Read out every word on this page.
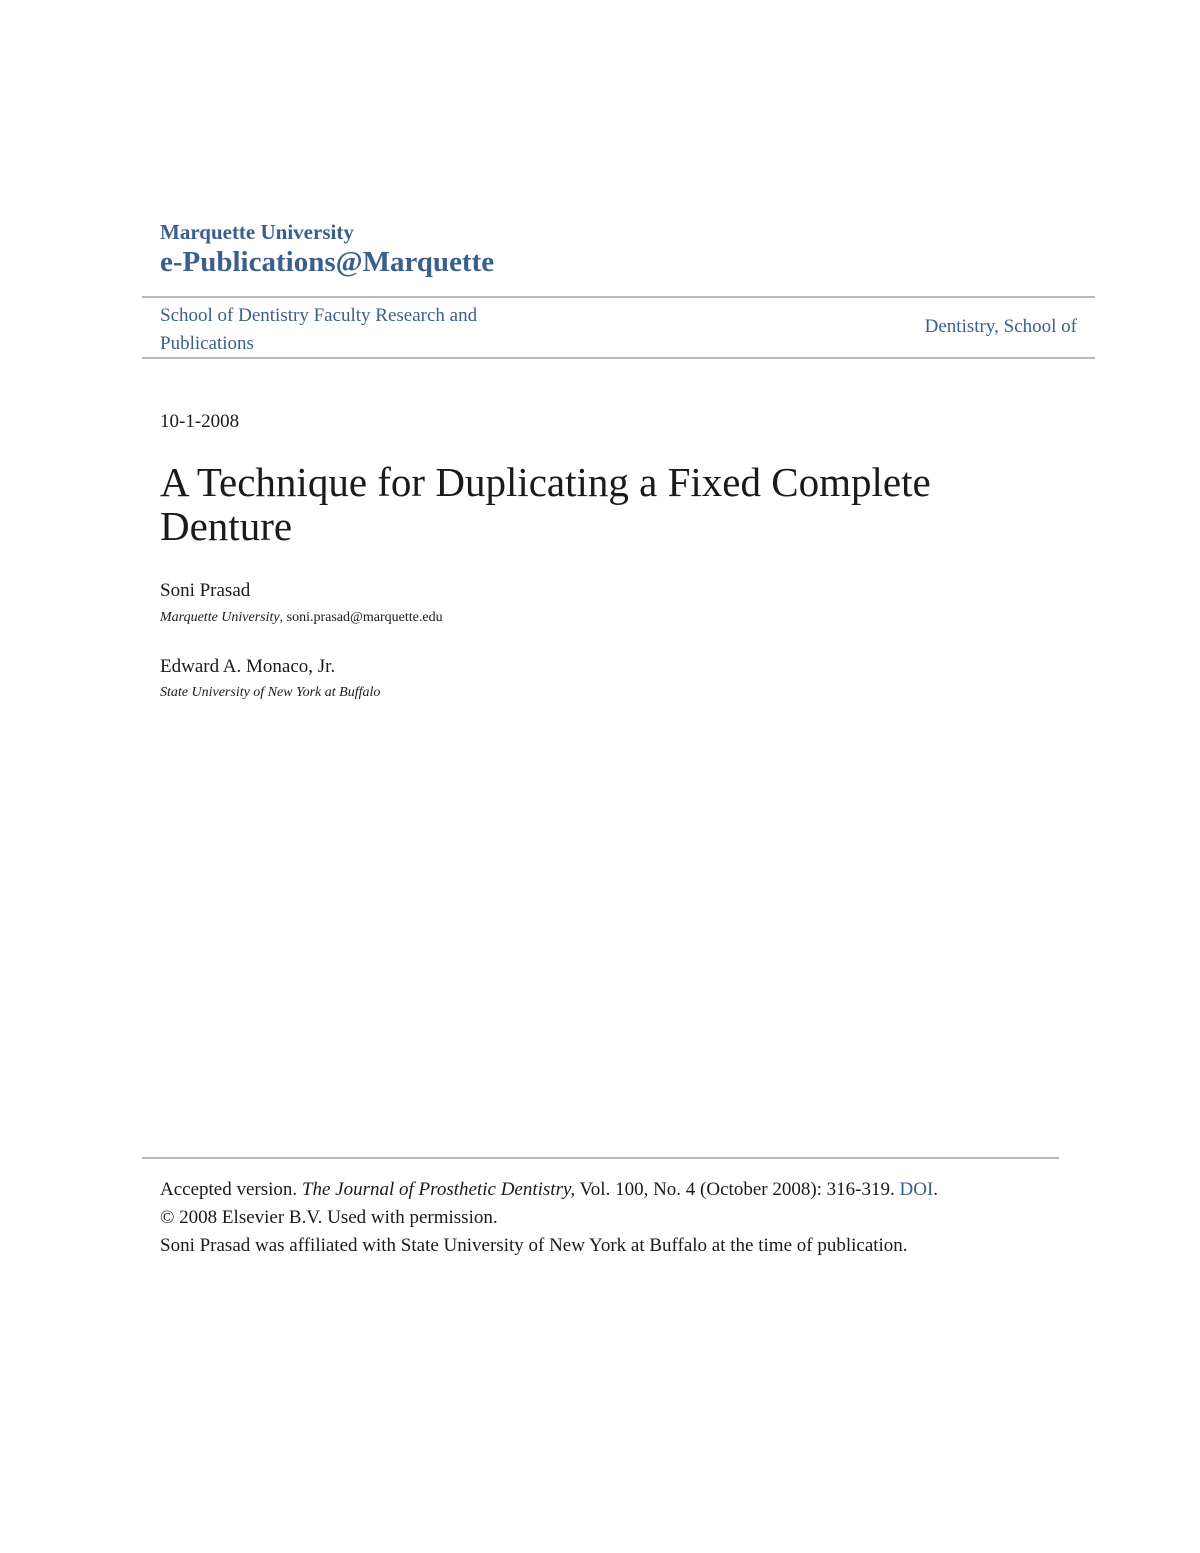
Marquette University
e-Publications@Marquette
School of Dentistry Faculty Research and
Publications
Dentistry, School of
10-1-2008
A Technique for Duplicating a Fixed Complete Denture
Soni Prasad
Marquette University, soni.prasad@marquette.edu
Edward A. Monaco, Jr.
State University of New York at Buffalo
Accepted version. The Journal of Prosthetic Dentistry, Vol. 100, No. 4 (October 2008): 316-319. DOI.
© 2008 Elsevier B.V. Used with permission.
Soni Prasad was affiliated with State University of New York at Buffalo at the time of publication.
